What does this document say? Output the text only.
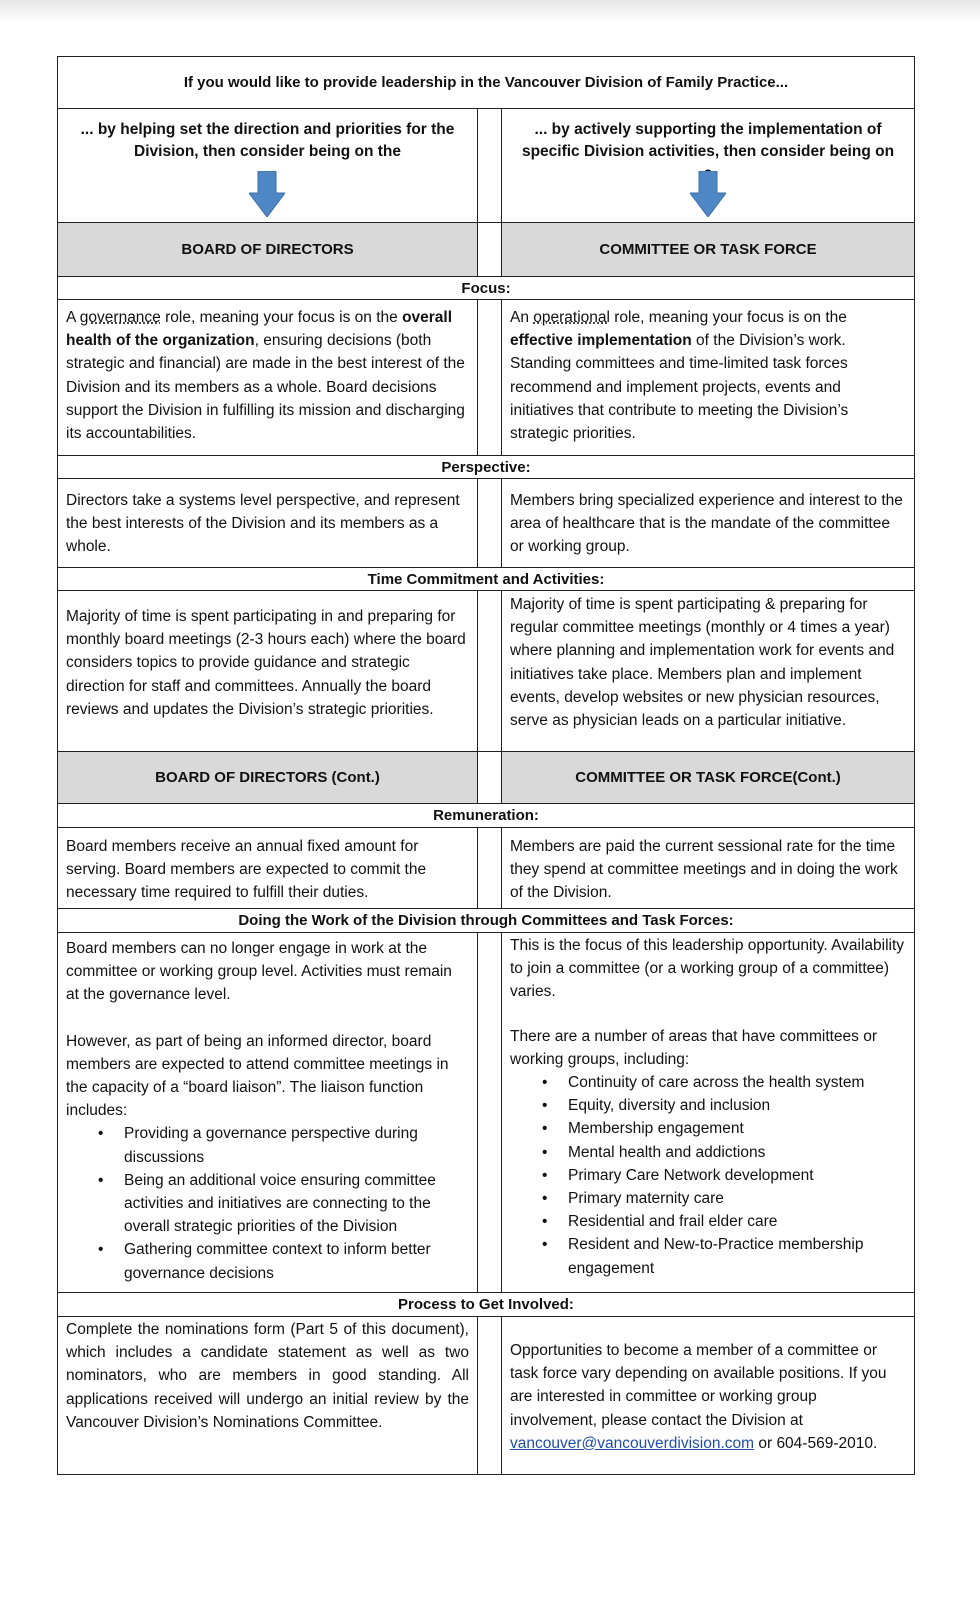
If you would like to provide leadership in the Vancouver Division of Family Practice...
... by helping set the direction and priorities for the Division, then consider being on the
... by actively supporting the implementation of specific Division activities, then consider being on
BOARD OF DIRECTORS	COMMITTEE OR TASK FORCE
Focus:
A governance role, meaning your focus is on the overall health of the organization, ensuring decisions (both strategic and financial) are made in the best interest of the Division and its members as a whole. Board decisions support the Division in fulfilling its mission and discharging its accountabilities.
An operational role, meaning your focus is on the effective implementation of the Division’s work. Standing committees and time-limited task forces recommend and implement projects, events and initiatives that contribute to meeting the Division’s strategic priorities.
Perspective:
Directors take a systems level perspective, and represent the best interests of the Division and its members as a whole.
Members bring specialized experience and interest to the area of healthcare that is the mandate of the committee or working group.
Time Commitment and Activities:
Majority of time is spent participating in and preparing for monthly board meetings (2-3 hours each) where the board considers topics to provide guidance and strategic direction for staff and committees. Annually the board reviews and updates the Division’s strategic priorities.
Majority of time is spent participating & preparing for regular committee meetings (monthly or 4 times a year) where planning and implementation work for events and initiatives take place. Members plan and implement events, develop websites or new physician resources, serve as physician leads on a particular initiative.
BOARD OF DIRECTORS (Cont.)	COMMITTEE OR TASK FORCE(Cont.)
Remuneration:
Board members receive an annual fixed amount for serving. Board members are expected to commit the necessary time required to fulfill their duties.
Members are paid the current sessional rate for the time they spend at committee meetings and in doing the work of the Division.
Doing the Work of the Division through Committees and Task Forces:
Board members can no longer engage in work at the committee or working group level. Activities must remain at the governance level.
However, as part of being an informed director, board members are expected to attend committee meetings in the capacity of a “board liaison”. The liaison function includes:
• Providing a governance perspective during discussions
• Being an additional voice ensuring committee activities and initiatives are connecting to the overall strategic priorities of the Division
• Gathering committee context to inform better governance decisions
This is the focus of this leadership opportunity. Availability to join a committee (or a working group of a committee) varies.
There are a number of areas that have committees or working groups, including:
• Continuity of care across the health system
• Equity, diversity and inclusion
• Membership engagement
• Mental health and addictions
• Primary Care Network development
• Primary maternity care
• Residential and frail elder care
• Resident and New-to-Practice membership engagement
Process to Get Involved:
Complete the nominations form (Part 5 of this document), which includes a candidate statement as well as two nominators, who are members in good standing. All applications received will undergo an initial review by the Vancouver Division’s Nominations Committee.
Opportunities to become a member of a committee or task force vary depending on available positions. If you are interested in committee or working group involvement, please contact the Division at vancouver@vancouverdivision.com or 604-569-2010.
